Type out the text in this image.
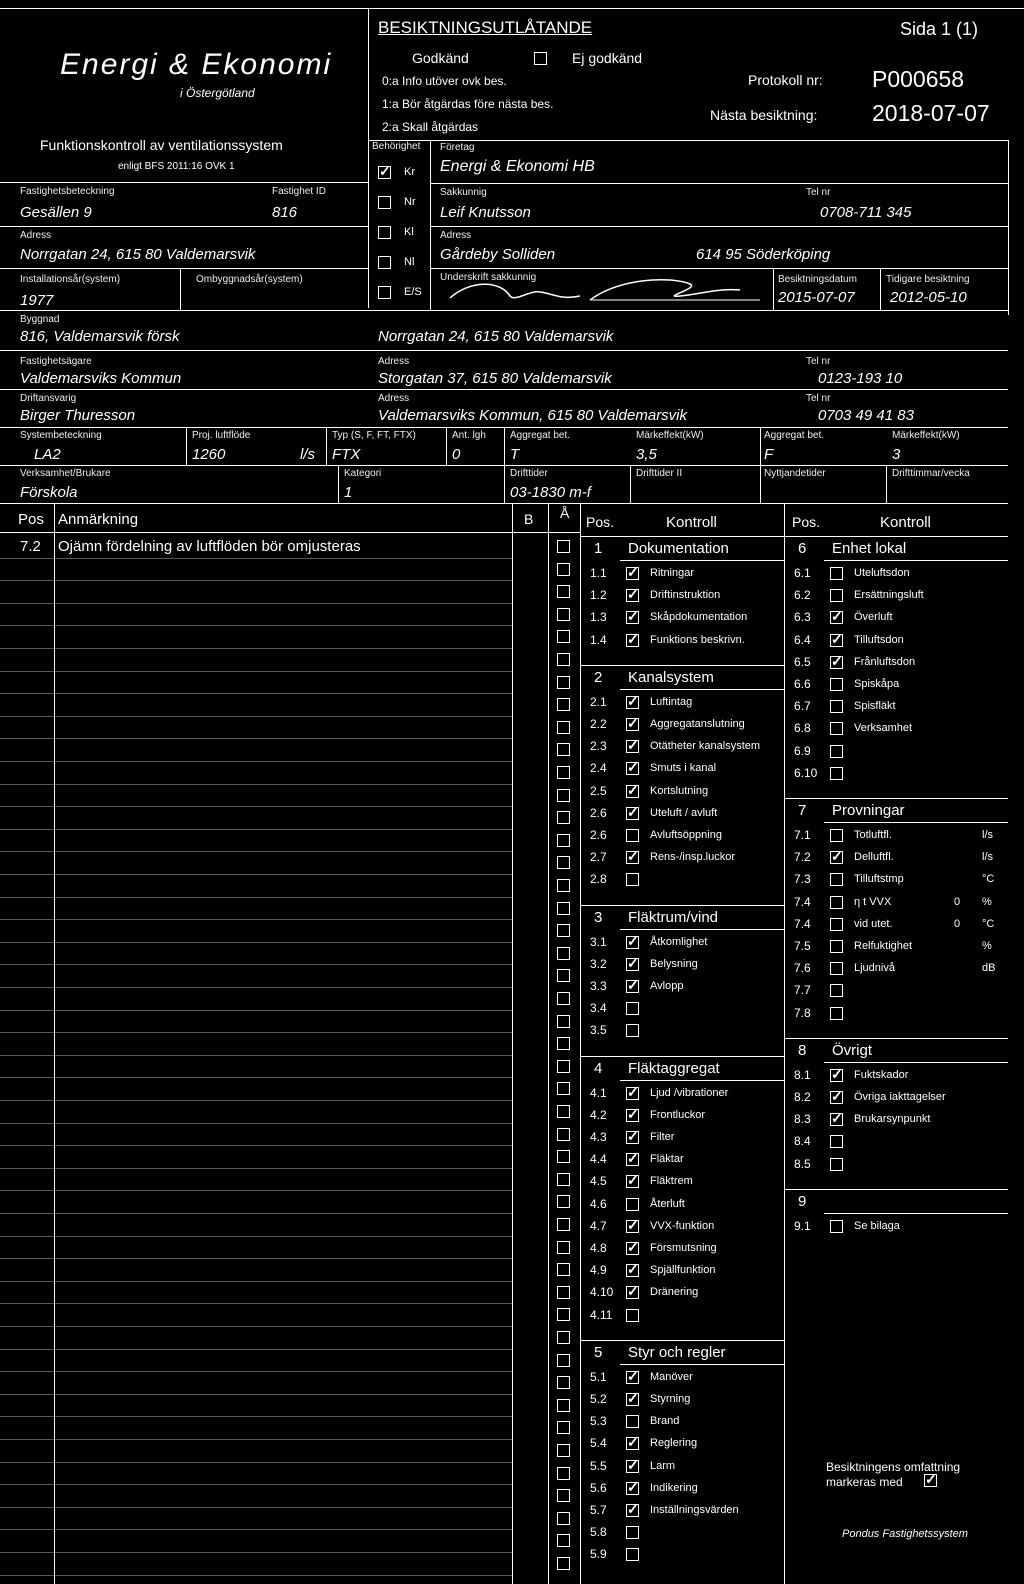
Energi & Ekonomi
i Östergötland
Funktionskontroll av ventilationssystem
enligt BFS 2011:16 OVK 1
BESIKTNINGSUTLÅTANDE	Sida 1 (1)
Godkänd	Ej godkänd
0:a Info utöver ovk bes.
1:a Bör åtgärdas före nästa bes.
2:a Skall åtgärdas
Protokoll nr: P000658
Nästa besiktning: 2018-07-07
Behörighet
✓
Kr
Nr
Kl
Nl
E/S
Företag
Energi & Ekonomi HB
Sakkunnig
Leif Knutsson
Tel nr
0708-711 345
Adress
Gårdeby Solliden	614 95 Söderköping
Underskrift sakkunnig	Besiktningsdatum
2015-07-07
Tidigare besiktning
2012-05-10
Fastighetsbeteckning
Gesällen 9
Fastighet ID
816
Adress
Norrgatan 24, 615 80 Valdemarsvik
Installationsår(system)
1977
Ombyggnadsår(system)
Byggnad
816, Valdemarsvik försk	Norrgatan 24, 615 80 Valdemarsvik
Fastighetsägare
Valdemarsviks Kommun
Adress
Storgatan 37, 615 80 Valdemarsvik
Tel nr
0123-193 10
Driftansvarig
Birger Thuresson
Adress
Valdemarsviks Kommun, 615 80 Valdemarsvik
Tel nr
0703 49 41 83
Systembeteckning
LA2
Proj. luftflöde
1260	l/s
Typ (S, F, FT, FTX)
FTX
Ant. lgh
0
Aggregat bet.
T
Märkeffekt(kW)
3,5
Aggregat bet.
F
Märkeffekt(kW)
3
Verksamhet/Brukare
Förskola
Kategori
1
Drifttider
03-1830 m-f
Drifttider II	Nyttjandetider	Drifttimmar/vecka
Pos Anmärkning	B Å
7.2 Ojämn fördelning av luftflöden bör omjusteras
Pos.	Kontroll	Pos.	Kontroll
1 Dokumentation
1.1 ✓	Ritningar
1.2 ✓	Driftinstruktion
1.3 ✓	Skåpdokumentation
1.4 ✓	Funktions beskrivn.
2 Kanalsystem
2.1 ✓	Luftintag
2.2 ✓	Aggregatanslutning
2.3 ✓	Otätheter kanalsystem
2.4 ✓	Smuts i kanal
2.5 ✓	Kortslutning
2.6 ✓	Uteluft / avluft
2.6	Avluftsöppning
2.7 ✓	Rens-/insp.luckor
2.8
3 Fläktrum/vind
3.1 ✓	Åtkomlighet
3.2 ✓	Belysning
3.3 ✓	Avlopp
3.4
3.5
4 Fläktaggregat
4.1 ✓	Ljud /vibrationer
4.2 ✓	Frontluckor
4.3 ✓	Filter
4.4 ✓	Fläktar
4.5 ✓	Fläktrem
4.6	Återluft
4.7 ✓	VVX-funktion
4.8 ✓	Försmutsning
4.9 ✓	Spjällfunktion
4.10 ✓	Dränering
4.11
5 Styr och regler
5.1 ✓	Manöver
5.2 ✓	Styrning
5.3	Brand
5.4 ✓	Reglering
5.5 ✓	Larm
5.6 ✓	Indikering
5.7 ✓	Inställningsvärden
5.8
5.9
6 Enhet lokal
6.1	Uteluftsdon
6.2	Ersättningsluft
6.3 ✓	Överluft
6.4 ✓	Tilluftsdon
6.5 ✓	Frånluftsdon
6.6	Spiskåpa
6.7	Spisfläkt
6.8	Verksamhet
6.9
6.10
7 Provningar
7.1	Totluftfl.	l/s
7.2 ✓	Delluftfl.	l/s
7.3	Tilluftstmp	°C
7.4	η t VVX	0 %
7.4	vid utet.	0 °C
7.5	Relfuktighet	%
7.6	Ljudnivå	dB
7.7
7.8
8 Övrigt
8.1 ✓	Fuktskador
8.2 ✓	Övriga iakttagelser
8.3 ✓	Brukarsynpunkt
8.4
8.5
9
9.1	Se bilaga
Besiktningens omfattning markeras med
✓
Pondus Fastighetssystem
